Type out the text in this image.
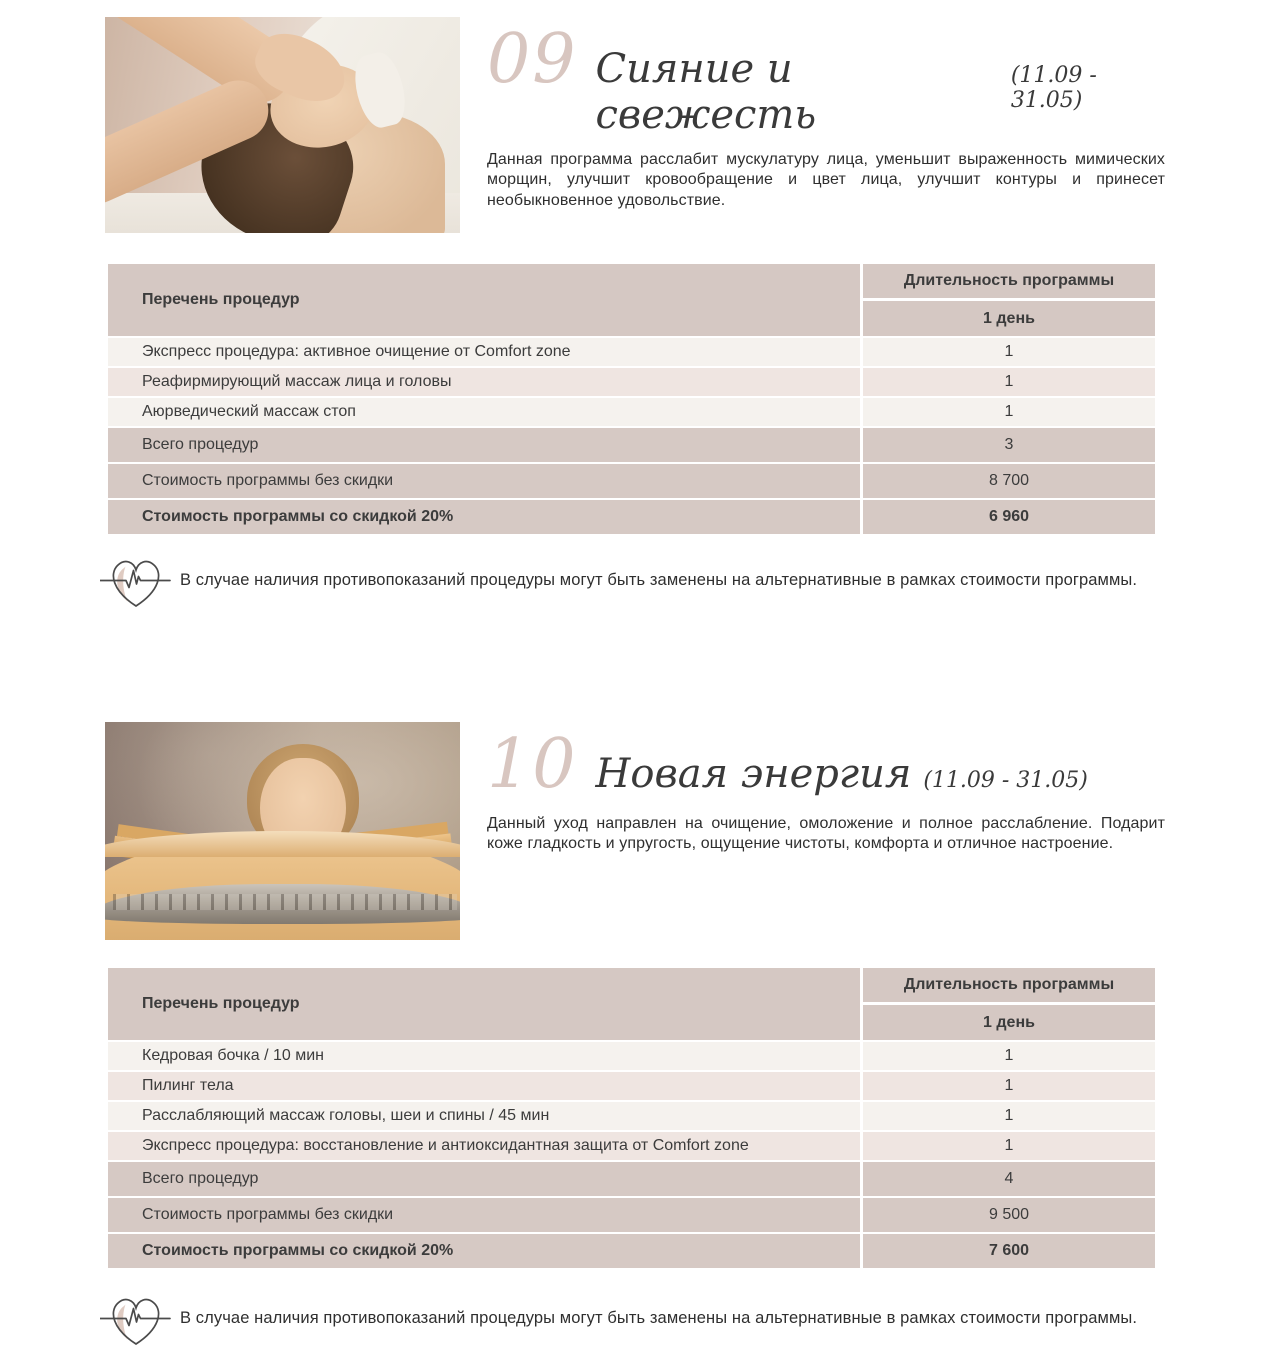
09 Сияние и свежесть
(11.09 - 31.05)
Данная программа расслабит мускулатуру лица, уменьшит выраженность мимических морщин, улучшит кровообращение и цвет лица, улучшит контуры и принесет необыкновенное удовольствие.
Перечень процедур
Длительность программы
1 день
Экспресс процедура: активное очищение от Comfort zone	1
Реафирмирующий массаж лица и головы	1
Аюрведический массаж стоп	1
Всего процедур	3
Стоимость программы без скидки	8 700
Стоимость программы со скидкой 20%	6 960
В случае наличия противопоказаний процедуры могут быть заменены на альтернативные в рамках стоимости программы.
10 Новая энергия (11.09 - 31.05)
Данный уход направлен на очищение, омоложение и полное расслабление. Подарит коже гладкость и упругость, ощущение чистоты, комфорта и отличное настроение.
Перечень процедур
Длительность программы
1 день
Кедровая бочка / 10 мин	1
Пилинг тела	1
Расслабляющий массаж головы, шеи и спины / 45 мин	1
Экспресс процедура: восстановление и антиоксидантная защита от Comfort zone	1
Всего процедур	4
Стоимость программы без скидки	9 500
Стоимость программы со скидкой 20%	7 600
В случае наличия противопоказаний процедуры могут быть заменены на альтернативные в рамках стоимости программы.
